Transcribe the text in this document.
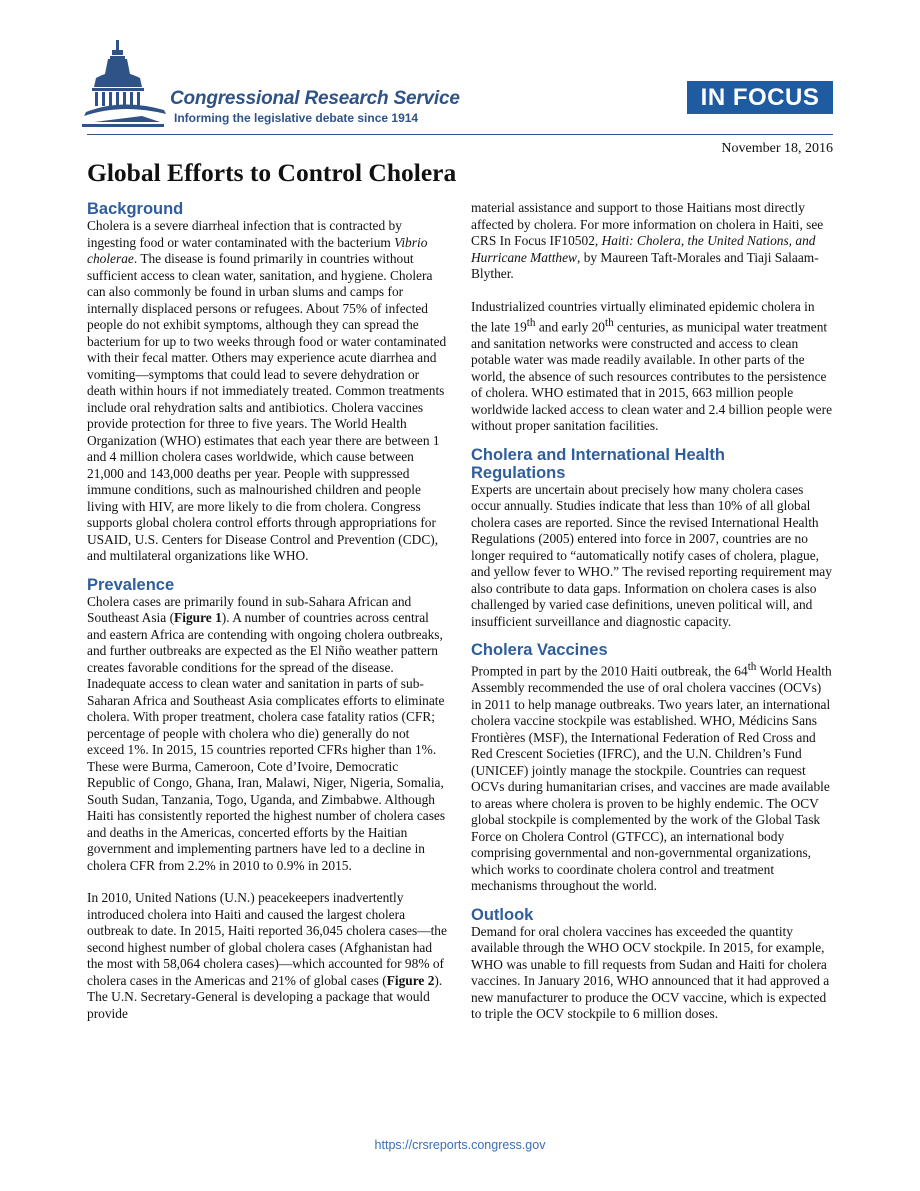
Congressional Research Service
Informing the legislative debate since 1914
IN FOCUS
November 18, 2016
Global Efforts to Control Cholera
Background

Cholera is a severe diarrheal infection that is contracted by ingesting food or water contaminated with the bacterium Vibrio cholerae. The disease is found primarily in countries without sufficient access to clean water, sanitation, and hygiene. Cholera can also commonly be found in urban slums and camps for internally displaced persons or refugees. About 75% of infected people do not exhibit symptoms, although they can spread the bacterium for up to two weeks through food or water contaminated with their fecal matter. Others may experience acute diarrhea and vomiting—symptoms that could lead to severe dehydration or death within hours if not immediately treated. Common treatments include oral rehydration salts and antibiotics. Cholera vaccines provide protection for three to five years. The World Health Organization (WHO) estimates that each year there are between 1 and 4 million cholera cases worldwide, which cause between 21,000 and 143,000 deaths per year. People with suppressed immune conditions, such as malnourished children and people living with HIV, are more likely to die from cholera. Congress supports global cholera control efforts through appropriations for USAID, U.S. Centers for Disease Control and Prevention (CDC), and multilateral organizations like WHO.

Prevalence

Cholera cases are primarily found in sub-Sahara African and Southeast Asia (Figure 1). A number of countries across central and eastern Africa are contending with ongoing cholera outbreaks, and further outbreaks are expected as the El Niño weather pattern creates favorable conditions for the spread of the disease. Inadequate access to clean water and sanitation in parts of sub-Saharan Africa and Southeast Asia complicates efforts to eliminate cholera. With proper treatment, cholera case fatality ratios (CFR; percentage of people with cholera who die) generally do not exceed 1%. In 2015, 15 countries reported CFRs higher than 1%. These were Burma, Cameroon, Cote d’Ivoire, Democratic Republic of Congo, Ghana, Iran, Malawi, Niger, Nigeria, Somalia, South Sudan, Tanzania, Togo, Uganda, and Zimbabwe. Although Haiti has consistently reported the highest number of cholera cases and deaths in the Americas, concerted efforts by the Haitian government and implementing partners have led to a decline in cholera CFR from 2.2% in 2010 to 0.9% in 2015.

In 2010, United Nations (U.N.) peacekeepers inadvertently introduced cholera into Haiti and caused the largest cholera outbreak to date. In 2015, Haiti reported 36,045 cholera cases—the second highest number of global cholera cases (Afghanistan had the most with 58,064 cholera cases)—which accounted for 98% of cholera cases in the Americas and 21% of global cases (Figure 2). The U.N. Secretary-General is developing a package that would provide

material assistance and support to those Haitians most directly affected by cholera. For more information on cholera in Haiti, see CRS In Focus IF10502, Haiti: Cholera, the United Nations, and Hurricane Matthew, by Maureen Taft-Morales and Tiaji Salaam-Blyther.

Industrialized countries virtually eliminated epidemic cholera in the late 19th and early 20th centuries, as municipal water treatment and sanitation networks were constructed and access to clean potable water was made readily available. In other parts of the world, the absence of such resources contributes to the persistence of cholera. WHO estimated that in 2015, 663 million people worldwide lacked access to clean water and 2.4 billion people were without proper sanitation facilities.

Cholera and International Health
Regulations

Experts are uncertain about precisely how many cholera cases occur annually. Studies indicate that less than 10% of all global cholera cases are reported. Since the revised International Health Regulations (2005) entered into force in 2007, countries are no longer required to “automatically notify cases of cholera, plague, and yellow fever to WHO.” The revised reporting requirement may also contribute to data gaps. Information on cholera cases is also challenged by varied case definitions, uneven political will, and insufficient surveillance and diagnostic capacity.

Cholera Vaccines

Prompted in part by the 2010 Haiti outbreak, the 64th World Health Assembly recommended the use of oral cholera vaccines (OCVs) in 2011 to help manage outbreaks. Two years later, an international cholera vaccine stockpile was established. WHO, Médicins Sans Frontières (MSF), the International Federation of Red Cross and Red Crescent Societies (IFRC), and the U.N. Children’s Fund (UNICEF) jointly manage the stockpile. Countries can request OCVs during humanitarian crises, and vaccines are made available to areas where cholera is proven to be highly endemic. The OCV global stockpile is complemented by the work of the Global Task Force on Cholera Control (GTFCC), an international body comprising governmental and non-governmental organizations, which works to coordinate cholera control and treatment mechanisms throughout the world.

Outlook

Demand for oral cholera vaccines has exceeded the quantity available through the WHO OCV stockpile. In 2015, for example, WHO was unable to fill requests from Sudan and Haiti for cholera vaccines. In January 2016, WHO announced that it had approved a new manufacturer to produce the OCV vaccine, which is expected to triple the OCV stockpile to 6 million doses.

https://crsreports.congress.gov
